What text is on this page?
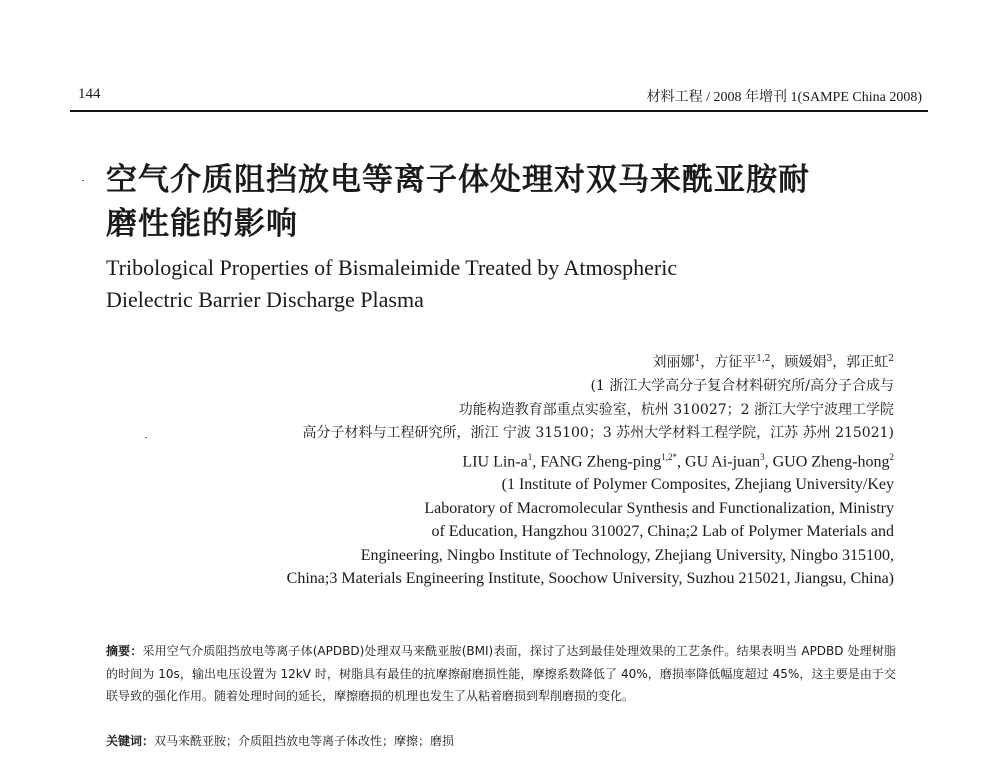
144	材料工程 / 2008 年增刊 1(SAMPE China 2008)
空气介质阻挡放电等离子体处理对双马来酰亚胺耐
磨性能的影响
Tribological Properties of Bismaleimide Treated by Atmospheric
Dielectric Barrier Discharge Plasma
刘丽娜$^1$，方征平$^{1,2}$，顾媛娟$^3$，郭正虹$^2$
(1 浙江大学高分子复合材料研究所/高分子合成与
功能构造教育部重点实验室，杭州 310027；2 浙江大学宁波理工学院
高分子材料与工程研究所，浙江 宁波 315100；3 苏州大学材料工程学院，江苏 苏州 215021)
LIU Lin-$a^1$, FANG Zheng-ping$^{1,2*}$, GU Ai-juan$^3$, GUO Zheng-hong$^2$
(1 Institute of Polymer Composites, Zhejiang University/Key
Laboratory of Macromolecular Synthesis and Functionalization, Ministry
of Education, Hangzhou 310027, China;2 Lab of Polymer Materials and
Engineering, Ningbo Institute of Technology, Zhejiang University, Ningbo 315100,
China;3 Materials Engineering Institute, Soochow University, Suzhou 215021, Jiangsu, China)
摘要：采用空气介质阻挡放电等离子体(APDBD)处理双马来酰亚胺(BMI)表面，探讨了达到最佳处理效果的工艺条件。结果表明当 APDBD 处理树脂的时间为 10s，输出电压设置为 12kV 时，树脂具有最佳的抗摩擦耐磨损性能，摩擦系数降低了 40%，磨损率降低幅度超过 45%，这主要是由于交联导致的强化作用。随着处理时间的延长，摩擦磨损的机理也发生了从粘着磨损到犁削磨损的变化。
关键词：双马来酰亚胺；介质阻挡放电等离子体改性；摩擦；磨损
